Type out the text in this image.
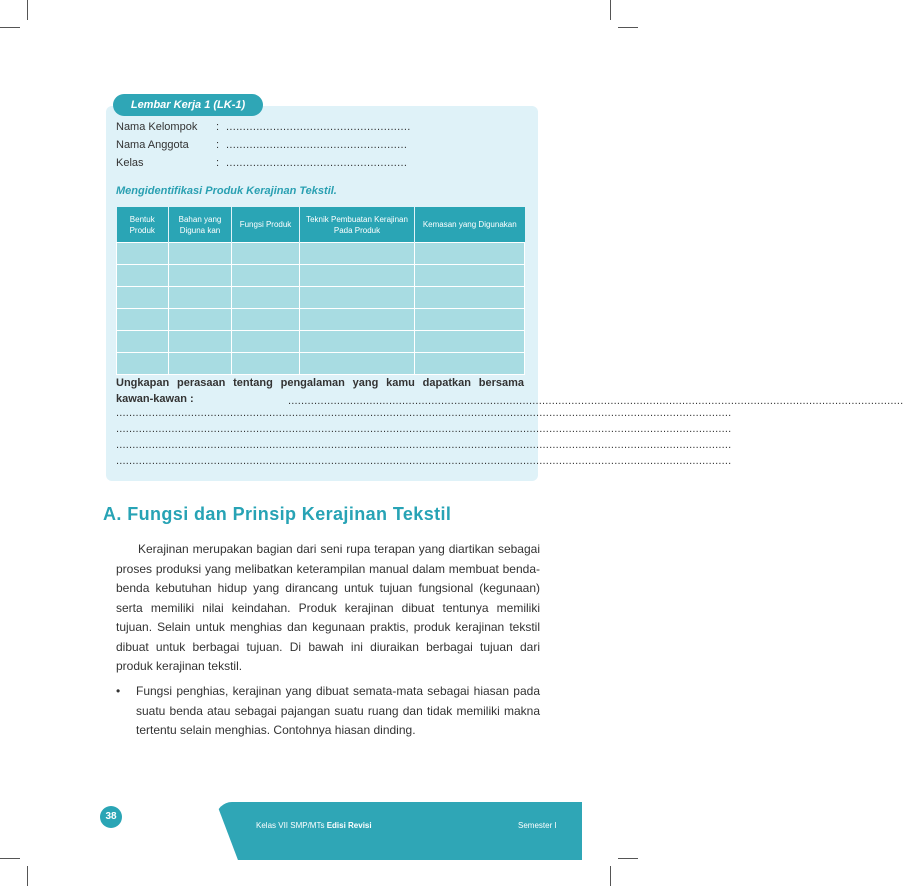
Lembar Kerja 1 (LK-1)
Nama Kelompok	: .......................................................
Nama Anggota	: ......................................................
Kelas	: ......................................................
Mengidentifikasi Produk Kerajinan Tekstil.
Bentuk Produk	Bahan yang Diguna kan	Fungsi Produk	Teknik Pembuatan Kerajinan Pada Produk	Kemasan yang Digunakan

Ungkapan perasaan tentang pengalaman yang kamu dapatkan bersama kawan-kawan :	.............................................................................................................................................................................................
.............................................................................................................................................................................................
.............................................................................................................................................................................................
.............................................................................................................................................................................................
.............................................................................................................................................................................................
A. Fungsi dan Prinsip Kerajinan Tekstil

Kerajinan merupakan bagian dari seni rupa terapan yang diartikan sebagai proses produksi yang melibatkan keterampilan manual dalam membuat benda-benda kebutuhan hidup yang dirancang untuk tujuan fungsional (kegunaan) serta memiliki nilai keindahan. Produk kerajinan dibuat tentunya memiliki tujuan. Selain untuk menghias dan kegunaan praktis, produk kerajinan tekstil dibuat untuk berbagai tujuan. Di bawah ini diuraikan berbagai tujuan dari produk kerajinan tekstil.

• Fungsi penghias, kerajinan yang dibuat semata-mata sebagai hiasan pada suatu benda atau sebagai pajangan suatu ruang dan tidak memiliki makna tertentu selain menghias. Contohnya hiasan dinding.
38
Kelas VII SMP/MTs Edisi Revisi	Semester I
